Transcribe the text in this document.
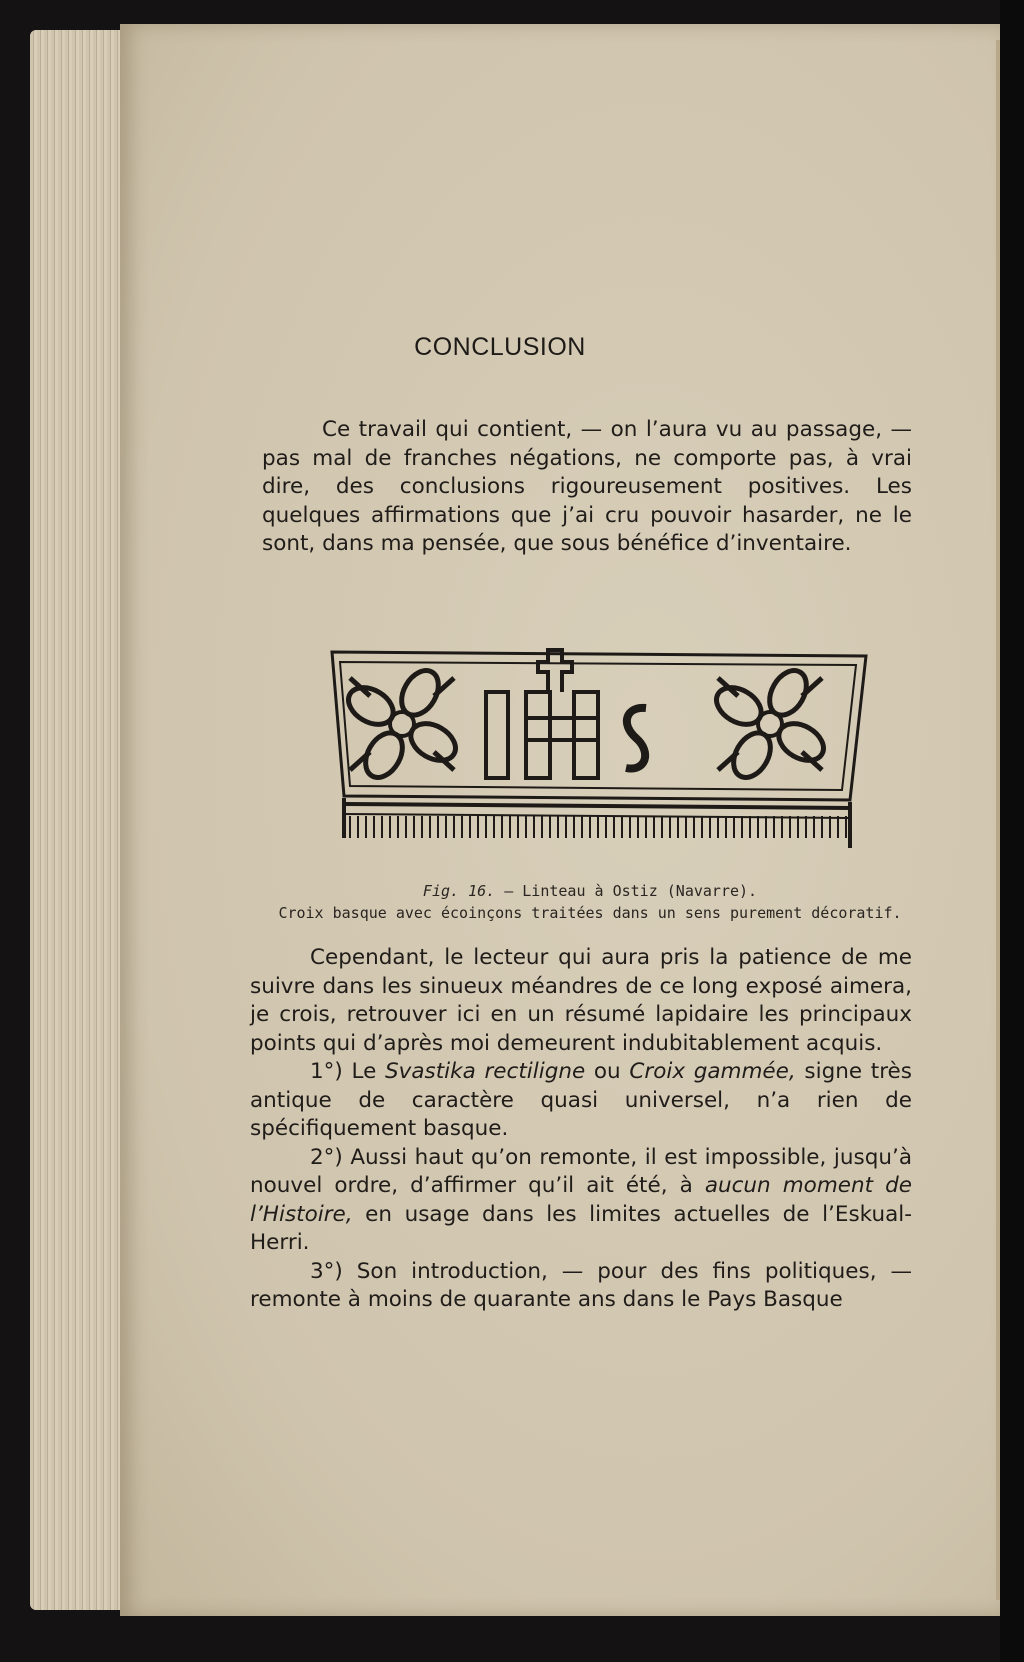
CONCLUSION

Ce travail qui contient, — on l’aura vu au passage, — pas mal de franches négations, ne comporte pas, à vrai dire, des conclusions rigoureusement positives. Les quelques affirmations que j’ai cru pouvoir hasarder, ne le sont, dans ma pensée, que sous bénéfice d’inventaire.

Fig. 16. — Linteau à Ostiz (Navarre).
Croix basque avec écoinçons traitées dans un sens purement décoratif.

Cependant, le lecteur qui aura pris la patience de me suivre dans les sinueux méandres de ce long exposé aimera, je crois, retrouver ici en un résumé lapidaire les principaux points qui d’après moi demeurent indubitablement acquis.

1°) Le Svastika rectiligne ou Croix gammée, signe très antique de caractère quasi universel, n’a rien de spécifiquement basque.

2°) Aussi haut qu’on remonte, il est impossible, jusqu’à nouvel ordre, d’affirmer qu’il ait été, à aucun moment de l’Histoire, en usage dans les limites actuelles de l’Eskual-Herri.

3°) Son introduction, — pour des fins politiques, — remonte à moins de quarante ans dans le Pays Basque
